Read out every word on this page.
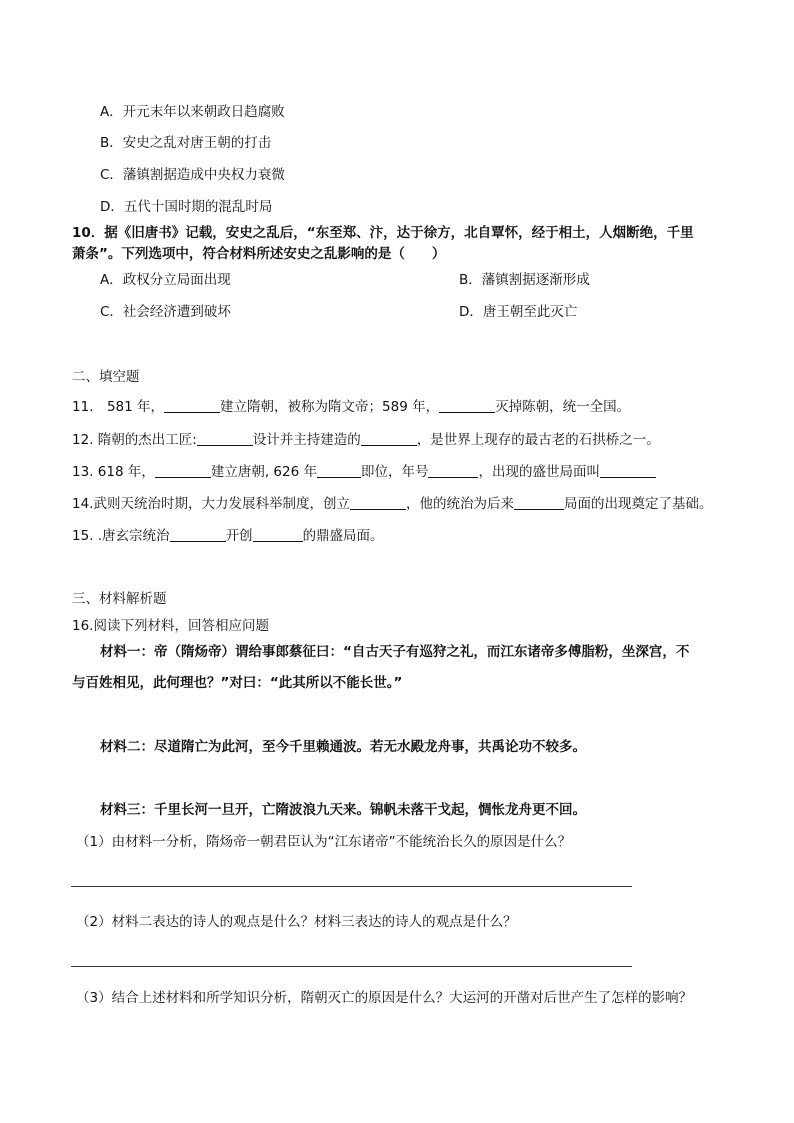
A．开元末年以来朝政日趋腐败
B．安史之乱对唐王朝的打击
C．藩镇割据造成中央权力衰微
D．五代十国时期的混乱时局
10．据《旧唐书》记载，安史之乱后，“东至郑、汴，达于徐方，北自覃怀，经于相土，人烟断绝，千里
萧条”。下列选项中，符合材料所述安史之乱影响的是（　　）
A．政权分立局面出现	B．藩镇割据逐渐形成
C．社会经济遭到破坏	D．唐王朝至此灭亡
二、填空题
11.　581 年，	建立隋朝，被称为隋文帝；589 年，	灭掉陈朝，统一全国。
12. 隋朝的杰出工匠:	设计并主持建造的	，是世界上现存的最古老的石拱桥之一。
13. 618 年，	建立唐朝, 626 年	即位，年号	，出现的盛世局面叫
14.武则天统治时期，大力发展科举制度，创立	，他的统治为后来	局面的出现奠定了基础。
15. .唐玄宗统治	开创	的鼎盛局面。
三、材料解析题
16.阅读下列材料，回答相应问题
材料一：帝（隋炀帝）谓给事郎蔡征曰：“自古天子有巡狩之礼，而江东诸帝多傅脂粉，坐深宫，不
与百姓相见，此何理也？”对曰：“此其所以不能长世。”
材料二：尽道隋亡为此河，至今千里赖通波。若无水殿龙舟事，共禹论功不较多。
材料三：千里长河一旦开，亡隋波浪九天来。锦帆未落干戈起，惆怅龙舟更不回。
（1）由材料一分析，隋炀帝一朝君臣认为“江东诸帝”不能统治长久的原因是什么？
（2）材料二表达的诗人的观点是什么？材料三表达的诗人的观点是什么？
（3）结合上述材料和所学知识分析，隋朝灭亡的原因是什么？大运河的开凿对后世产生了怎样的影响？
